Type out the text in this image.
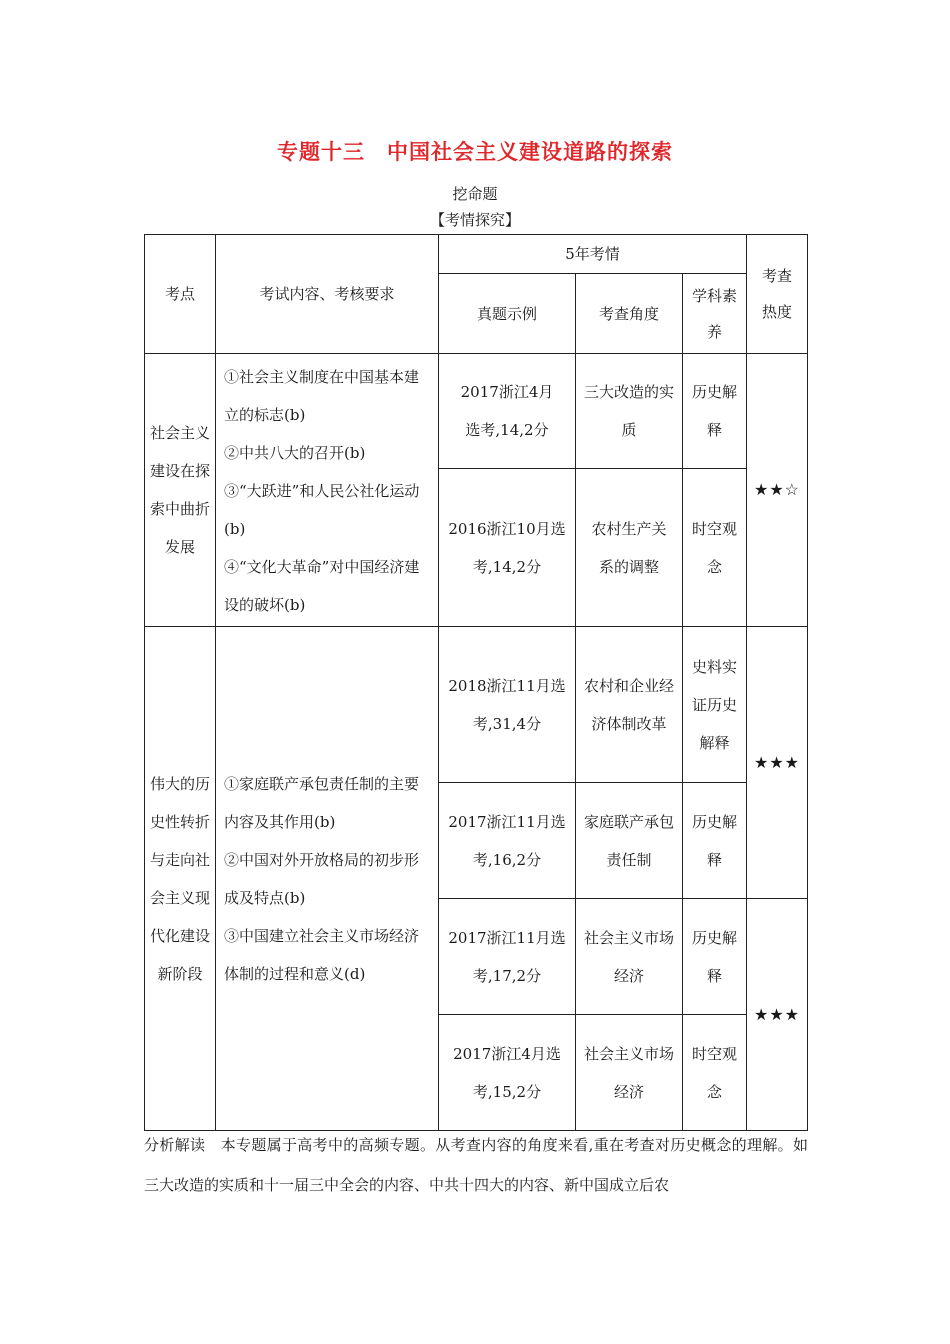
专题十三　中国社会主义建设道路的探索
挖命题
【考情探究】
考点	考试内容、考核要求	5年考情			考查热度

		真题示例	考查角度	学科素养	

社会主义建设在探索中曲折发展	①社会主义制度在中国基本建立的标志(b)
②中共八大的召开(b)
③“大跃进”和人民公社化运动(b)
④“文化大革命”对中国经济建设的破坏(b)	2017浙江4月选考,14,2分	三大改造的实质	历史解释	★★☆

		2016浙江10月选考,14,2分	农村生产关系的调整	时空观念	

伟大的历史性转折与走向社会主义现代化建设新阶段	①家庭联产承包责任制的主要内容及其作用(b)
②中国对外开放格局的初步形成及特点(b)
③中国建立社会主义市场经济体制的过程和意义(d)	2018浙江11月选考,31,4分	农村和企业经济体制改革	史料实证历史解释	★★★

		2017浙江11月选考,16,2分	家庭联产承包责任制	历史解释	

		2017浙江11月选考,17,2分	社会主义市场经济	历史解释	★★★

		2017浙江4月选考,15,2分	社会主义市场经济	时空观念	
分析解读　本专题属于高考中的高频专题。从考查内容的角度来看,重在考查对历史概念的理解。如三大改造的实质和十一届三中全会的内容、中共十四大的内容、新中国成立后农
